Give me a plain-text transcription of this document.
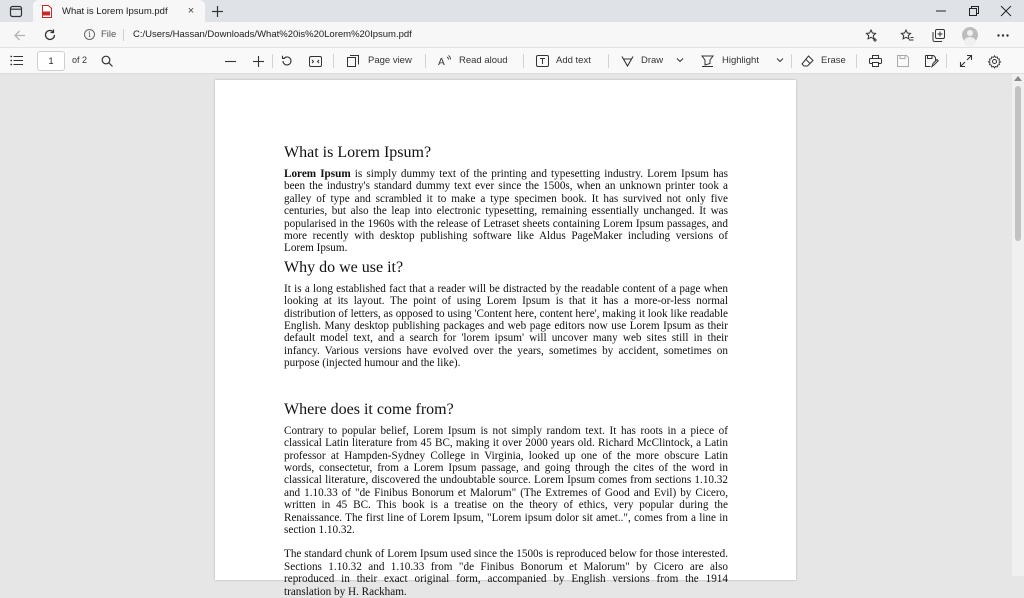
What is Lorem Ipsum.pdf	×
i	File C:/Users/Hassan/Downloads/What%20is%20Lorem%20Ipsum.pdf
1	of 2	Page view	A Read aloud	Add text	Draw	Highlight	Erase
What is Lorem Ipsum?

Lorem Ipsum is simply dummy text of the printing and typesetting industry. Lorem Ipsum has been the industry's standard dummy text ever since the 1500s, when an unknown printer took a galley of type and scrambled it to make a type specimen book. It has survived not only five centuries, but also the leap into electronic typesetting, remaining essentially unchanged. It was popularised in the 1960s with the release of Letraset sheets containing Lorem Ipsum passages, and more recently with desktop publishing software like Aldus PageMaker including versions of Lorem Ipsum.

Why do we use it?

It is a long established fact that a reader will be distracted by the readable content of a page when looking at its layout. The point of using Lorem Ipsum is that it has a more-or-less normal distribution of letters, as opposed to using 'Content here, content here', making it look like readable English. Many desktop publishing packages and web page editors now use Lorem Ipsum as their default model text, and a search for 'lorem ipsum' will uncover many web sites still in their infancy. Various versions have evolved over the years, sometimes by accident, sometimes on purpose (injected humour and the like).

Where does it come from?

Contrary to popular belief, Lorem Ipsum is not simply random text. It has roots in a piece of classical Latin literature from 45 BC, making it over 2000 years old. Richard McClintock, a Latin professor at Hampden-Sydney College in Virginia, looked up one of the more obscure Latin words, consectetur, from a Lorem Ipsum passage, and going through the cites of the word in classical literature, discovered the undoubtable source. Lorem Ipsum comes from sections 1.10.32 and 1.10.33 of "de Finibus Bonorum et Malorum" (The Extremes of Good and Evil) by Cicero, written in 45 BC. This book is a treatise on the theory of ethics, very popular during the Renaissance. The first line of Lorem Ipsum, "Lorem ipsum dolor sit amet..", comes from a line in section 1.10.32.

The standard chunk of Lorem Ipsum used since the 1500s is reproduced below for those interested. Sections 1.10.32 and 1.10.33 from "de Finibus Bonorum et Malorum" by Cicero are also reproduced in their exact original form, accompanied by English versions from the 1914 translation by H. Rackham.
